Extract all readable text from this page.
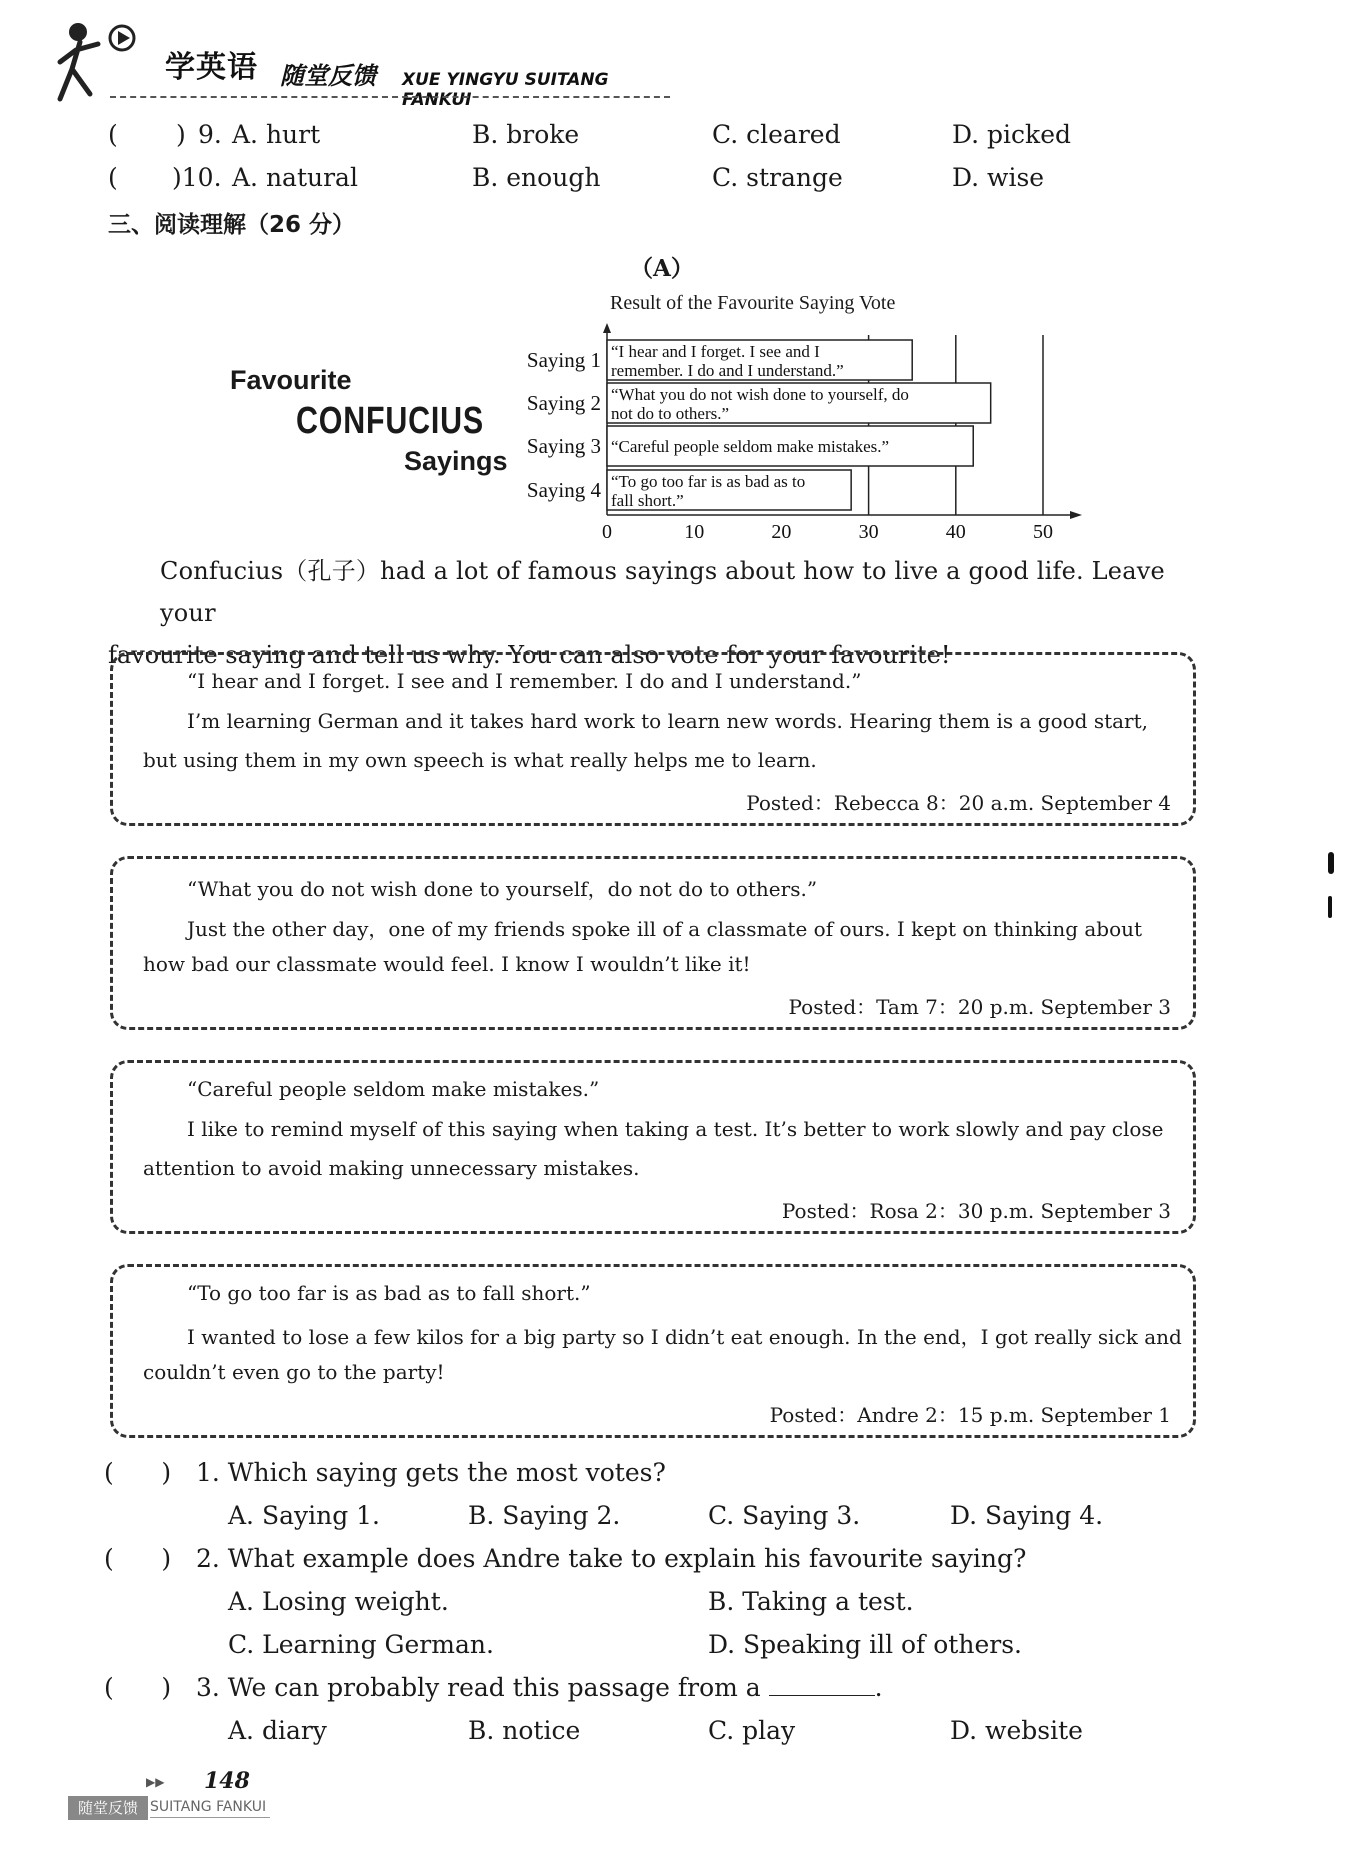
学英语 随堂反馈 XUE YINGYU SUITANG FANKUI
( ) 9. A. hurt	B. broke	C. cleared	D. picked
( )10. A. natural	B. enough	C. strange	D. wise
三、阅读理解（26 分）
（A）
Favourite
CONFUCIUS
Sayings
Result of the Favourite Saying Vote
0	10	20	30	40	50
Saying 1 “I hear and I forget. I see and I
remember. I do and I understand.”
Saying 2 “What you do not wish done to yourself, do
not do to others.”
Saying 3 “Careful people seldom make mistakes.”
Saying 4 “To go too far is as bad as to
fall short.”
Confucius（孔子）had a lot of famous sayings about how to live a good life. Leave your
favourite saying and tell us why. You can also vote for your favourite!
“I hear and I forget. I see and I remember. I do and I understand.”
I’m learning German and it takes hard work to learn new words. Hearing them is a good start,
but using them in my own speech is what really helps me to learn.
Posted：Rebecca 8：20 a.m. September 4
“What you do not wish done to yourself，do not do to others.”
Just the other day，one of my friends spoke ill of a classmate of ours. I kept on thinking about
how bad our classmate would feel. I know I wouldn’t like it!
Posted：Tam 7：20 p.m. September 3
“Careful people seldom make mistakes.”
I like to remind myself of this saying when taking a test. It’s better to work slowly and pay close
attention to avoid making unnecessary mistakes.
Posted：Rosa 2：30 p.m. September 3
“To go too far is as bad as to fall short.”
I wanted to lose a few kilos for a big party so I didn’t eat enough. In the end，I got really sick and
couldn’t even go to the party!
Posted：Andre 2：15 p.m. September 1
(      ) 1. Which saying gets the most votes?
A. Saying 1.	B. Saying 2.	C. Saying 3.	D. Saying 4.
(      ) 2. What example does Andre take to explain his favourite saying?
A. Losing weight.	B. Taking a test.
C. Learning German.	D. Speaking ill of others.
(      ) 3. We can probably read this passage from a	.
A. diary	B. notice	C. play	D. website
▶▶ 148
随堂反馈 SUITANG FANKUI
